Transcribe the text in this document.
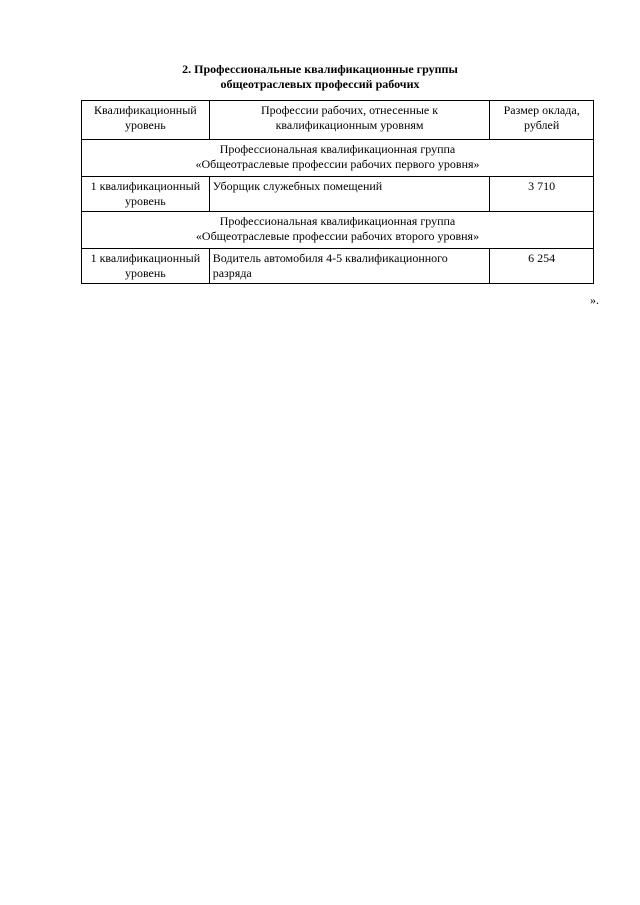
2. Профессиональные квалификационные группы
общеотраслевых профессий рабочих
Квалификационный уровень	Профессии рабочих, отнесенные к квалификационным уровням	Размер оклада, рублей

Профессиональная квалификационная группа
«Общеотраслевые профессии рабочих первого уровня»		

1 квалификационный уровень	Уборщик служебных помещений	3 710

Профессиональная квалификационная группа
«Общеотраслевые профессии рабочих второго уровня»		

1 квалификационный уровень	Водитель автомобиля 4-5 квалификационного разряда	6 254
».
